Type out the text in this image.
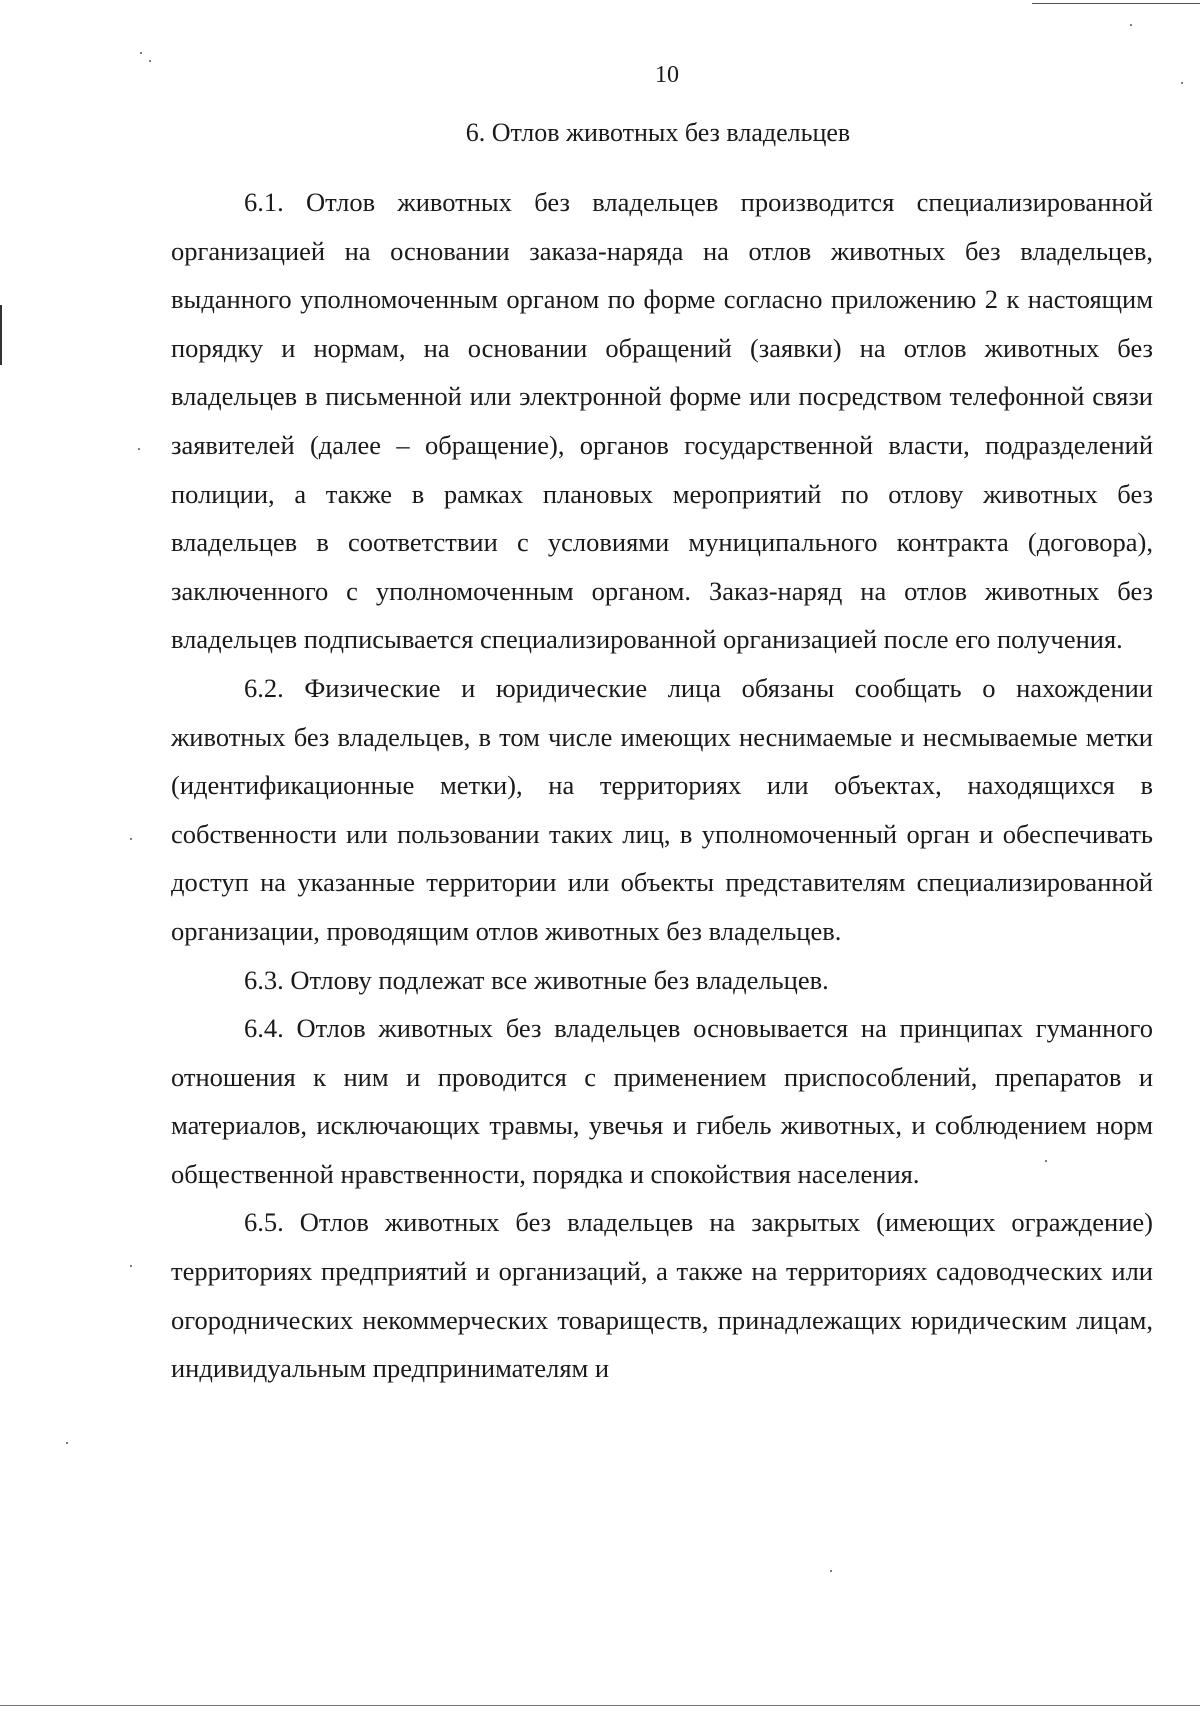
10
6. Отлов животных без владельцев

6.1. Отлов животных без владельцев производится специализированной организацией на основании заказа-наряда на отлов животных без владельцев, выданного уполномоченным органом по форме согласно приложению 2 к настоящим порядку и нормам, на основании обращений (заявки) на отлов животных без владельцев в письменной или электронной форме или посредством телефонной связи заявителей (далее – обращение), органов государственной власти, подразделений полиции, а также в рамках плановых мероприятий по отлову животных без владельцев в соответствии с условиями муниципального контракта (договора), заключенного с уполномоченным органом. Заказ-наряд на отлов животных без владельцев подписывается специализированной организацией после его получения.

6.2. Физические и юридические лица обязаны сообщать о нахождении животных без владельцев, в том числе имеющих неснимаемые и несмываемые метки (идентификационные метки), на территориях или объектах, находящихся в собственности или пользовании таких лиц, в уполномоченный орган и обеспечивать доступ на указанные территории или объекты представителям специализированной организации, проводящим отлов животных без владельцев.

6.3. Отлову подлежат все животные без владельцев.

6.4. Отлов животных без владельцев основывается на принципах гуманного отношения к ним и проводится с применением приспособлений, препаратов и материалов, исключающих травмы, увечья и гибель животных, и соблюдением норм общественной нравственности, порядка и спокойствия населения.

6.5. Отлов животных без владельцев на закрытых (имеющих ограждение) территориях предприятий и организаций, а также на территориях садоводческих или огороднических некоммерческих товариществ, принадлежащих юридическим лицам, индивидуальным предпринимателям и
